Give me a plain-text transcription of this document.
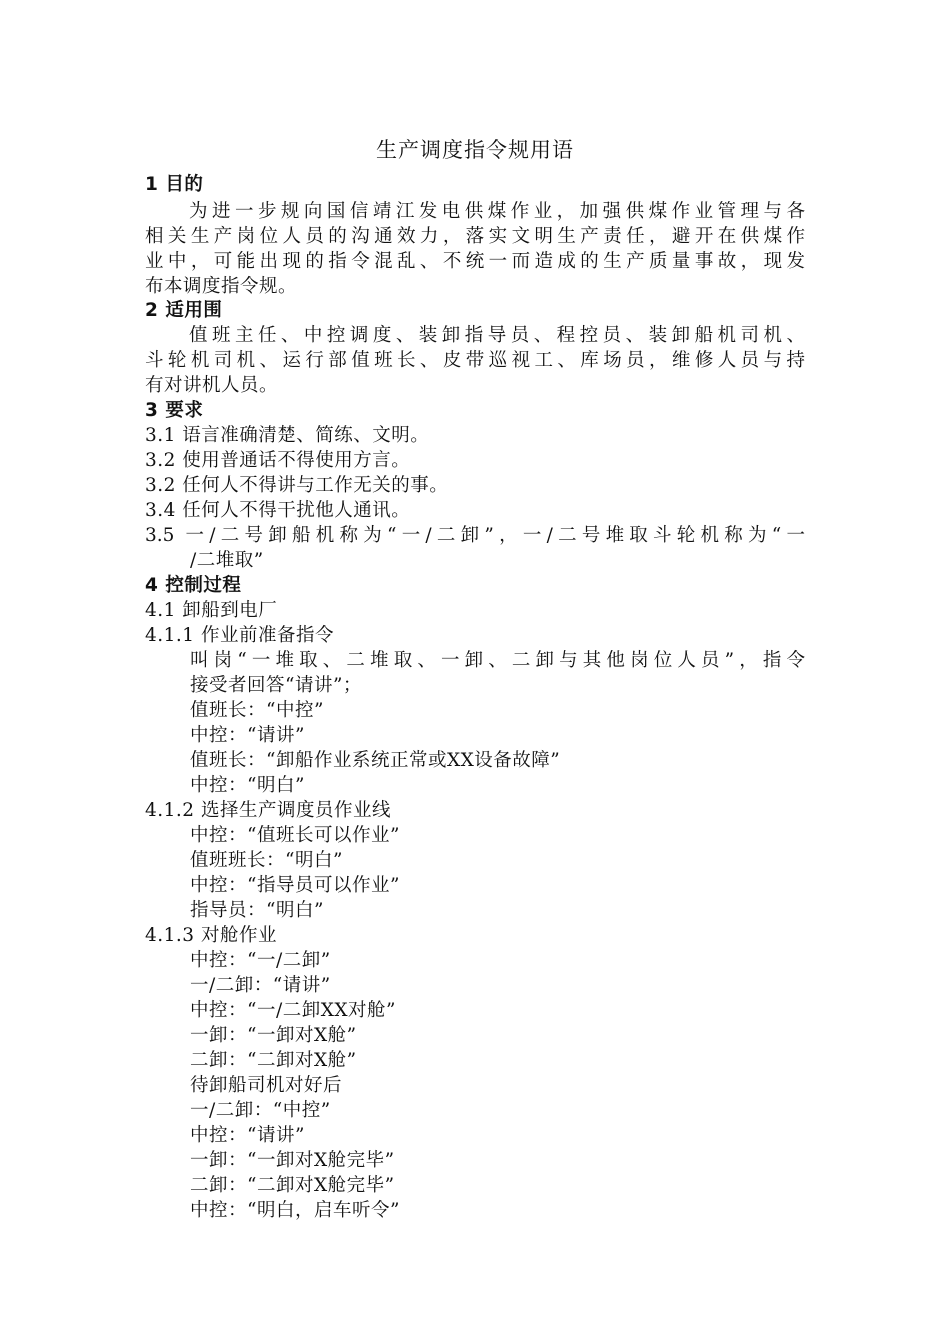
生产调度指令规用语
1 目的
为进一步规向国信靖江发电供煤作业，加强供煤作业管理与各
相关生产岗位人员的沟通效力，落实文明生产责任，避开在供煤作
业中，可能出现的指令混乱、不统一而造成的生产质量事故，现发
布本调度指令规。
2 适用围
值班主任、中控调度、装卸指导员、程控员、装卸船机司机、
斗轮机司机、运行部值班长、皮带巡视工、库场员，维修人员与持
有对讲机人员。
3 要求
3.1 语言准确清楚、简练、文明。
3.2 使用普通话不得使用方言。
3.2 任何人不得讲与工作无关的事。
3.4 任何人不得干扰他人通讯。
3.5 一/二号卸船机称为“一/二卸”，一/二号堆取斗轮机称为“一
/二堆取”
4 控制过程
4.1 卸船到电厂
4.1.1 作业前准备指令
叫岗“一堆取、二堆取、一卸、二卸与其他岗位人员”，指令
接受者回答“请讲”；
值班长：“中控”
中控：“请讲”
值班长：“卸船作业系统正常或XX设备故障”
中控：“明白”
4.1.2 选择生产调度员作业线
中控：“值班长可以作业”
值班班长：“明白”
中控：“指导员可以作业”
指导员：“明白”
4.1.3 对舱作业
中控：“一/二卸”
一/二卸：“请讲”
中控：“一/二卸XX对舱”
一卸：“一卸对X舱”
二卸：“二卸对X舱”
待卸船司机对好后
一/二卸：“中控”
中控：“请讲”
一卸：“一卸对X舱完毕”
二卸：“二卸对X舱完毕”
中控：“明白，启车听令”
